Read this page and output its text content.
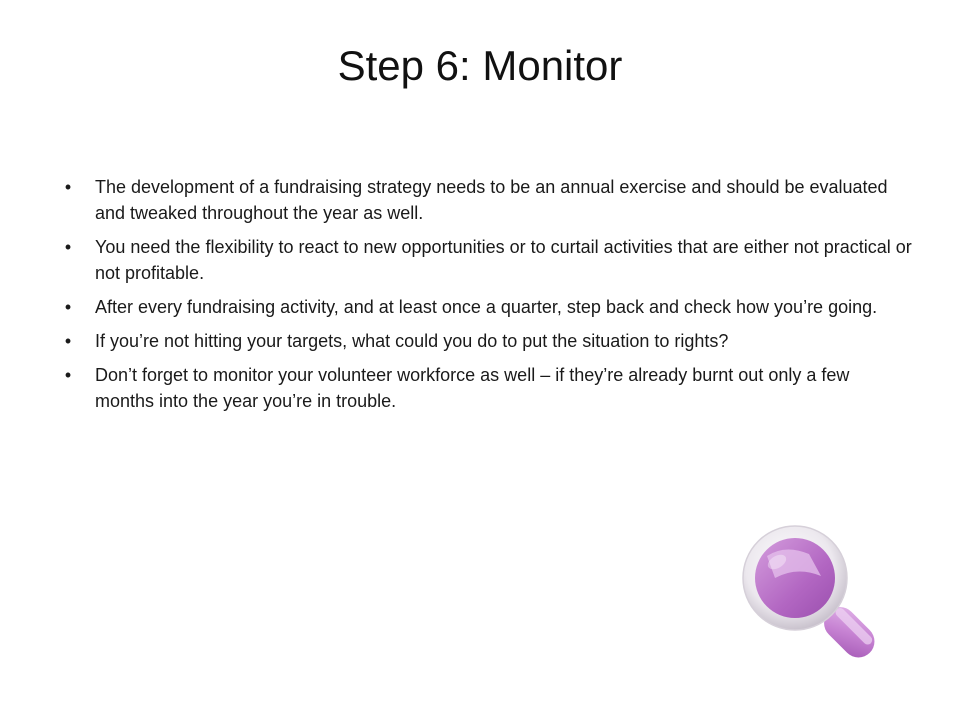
Step 6: Monitor
• The development of a fundraising strategy needs to be an annual exercise and should be evaluated and tweaked throughout the year as well.
• You need the flexibility to react to new opportunities or to curtail activities that are either not practical or not profitable.
• After every fundraising activity, and at least once a quarter, step back and check how you’re going.
• If you’re not hitting your targets, what could you do to put the situation to rights?
• Don’t forget to monitor your volunteer workforce as well – if they’re already burnt out only a few months into the year you’re in trouble.
